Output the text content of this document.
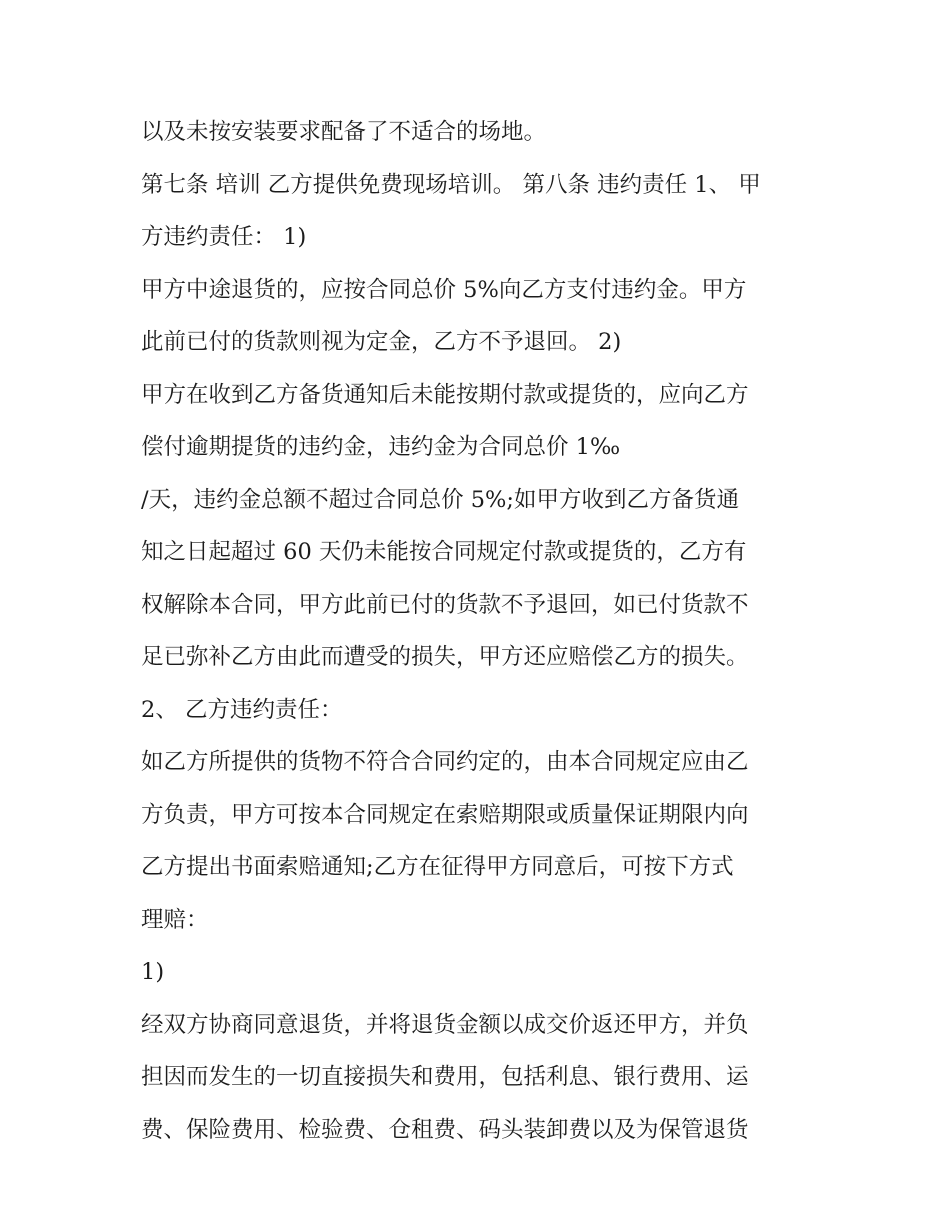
以及未按安装要求配备了不适合的场地。
第七条 培训 乙方提供免费现场培训。 第八条 违约责任 1、 甲
方违约责任： 1)
甲方中途退货的，应按合同总价 5%向乙方支付违约金。甲方
此前已付的货款则视为定金，乙方不予退回。 2)
甲方在收到乙方备货通知后未能按期付款或提货的，应向乙方
偿付逾期提货的违约金，违约金为合同总价 1‰
/天，违约金总额不超过合同总价 5%;如甲方收到乙方备货通
知之日起超过 60 天仍未能按合同规定付款或提货的，乙方有
权解除本合同，甲方此前已付的货款不予退回，如已付货款不
足已弥补乙方由此而遭受的损失，甲方还应赔偿乙方的损失。
2、 乙方违约责任：
如乙方所提供的货物不符合合同约定的，由本合同规定应由乙
方负责，甲方可按本合同规定在索赔期限或质量保证期限内向
乙方提出书面索赔通知;乙方在征得甲方同意后，可按下方式
理赔：
1)
经双方协商同意退货，并将退货金额以成交价返还甲方，并负
担因而发生的一切直接损失和费用，包括利息、银行费用、运
费、保险费用、检验费、仓租费、码头装卸费以及为保管退货
